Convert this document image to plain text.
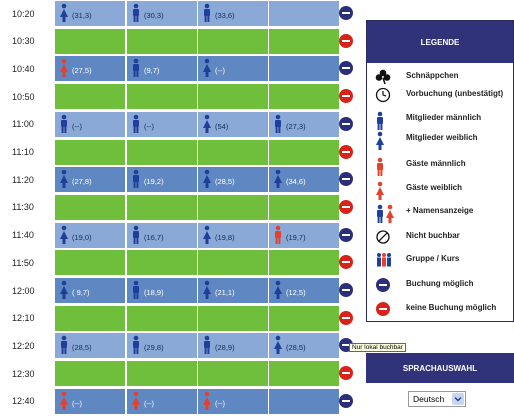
10:20	(31,3)	(30,3)	(33,6)
10:30
10:40	(27,5)	(9,7)	(--)
10:50
11:00	(--)	(--)	(54)	(27,3)
11:10
11:20	(27,8)	(19,2)	(28,5)	(34,6)
11:30
11:40	(19,0)	(16,7)	(19,8)	(19,7)
11:50
12:00	( 9,7)	(18,9)	(21,1)	(12,5)
12:10
12:20	(28,5)	(29,8)	(28,9)	(28,5)
12:30
12:40	(--)	(--)	(--)
LEGENDE
Schnäppchen
Vorbuchung (unbestätigt)
Mitglieder männlich
Mitglieder weiblich
Gäste männlich
Gäste weiblich
+ Namensanzeige
Nicht buchbar
Gruppe / Kurs
Buchung möglich
keine Buchung möglich
Nur lokal buchbar
SPRACHAUSWAHL
Deutsch
